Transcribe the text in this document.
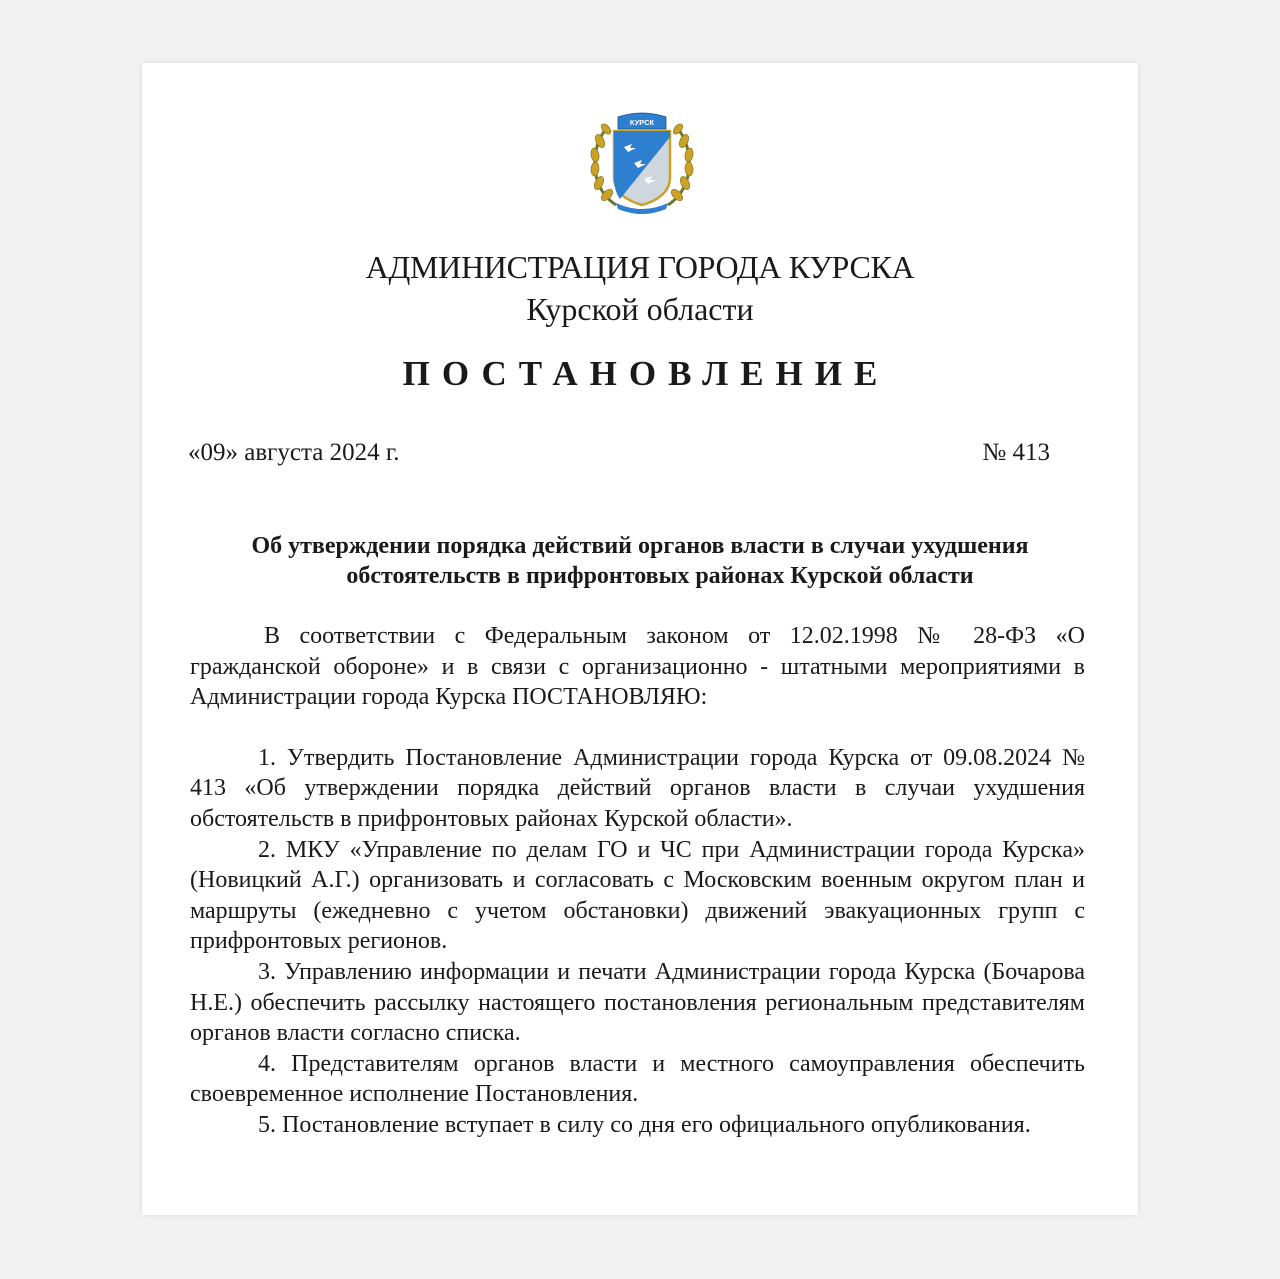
КУРСК
АДМИНИСТРАЦИЯ ГОРОДА КУРСКА
Курской области
ПОСТАНОВЛЕНИЕ
«09» августа 2024 г.	№ 413
Об утверждении порядка действий органов власти в случаи ухудшения
обстоятельств в прифронтовых районах Курской области

В соответствии с Федеральным законом от 12.02.1998 № 28-ФЗ «О гражданской обороне» и в связи с организационно - штатными мероприятиями в Администрации города Курска ПОСТАНОВЛЯЮ:

1. Утвердить Постановление Администрации города Курска от 09.08.2024 № 413 «Об утверждении порядка действий органов власти в случаи ухудшения обстоятельств в прифронтовых районах Курской области».

2. МКУ «Управление по делам ГО и ЧС при Администрации города Курска» (Новицкий А.Г.) организовать и согласовать с Московским военным округом план и маршруты (ежедневно с учетом обстановки) движений эвакуационных групп с прифронтовых регионов.

3. Управлению информации и печати Администрации города Курска (Бочарова Н.Е.) обеспечить рассылку настоящего постановления региональным представителям органов власти согласно списка.

4. Представителям органов власти и местного самоуправления обеспечить своевременное исполнение Постановления.

5. Постановление вступает в силу со дня его официального опубликования.
